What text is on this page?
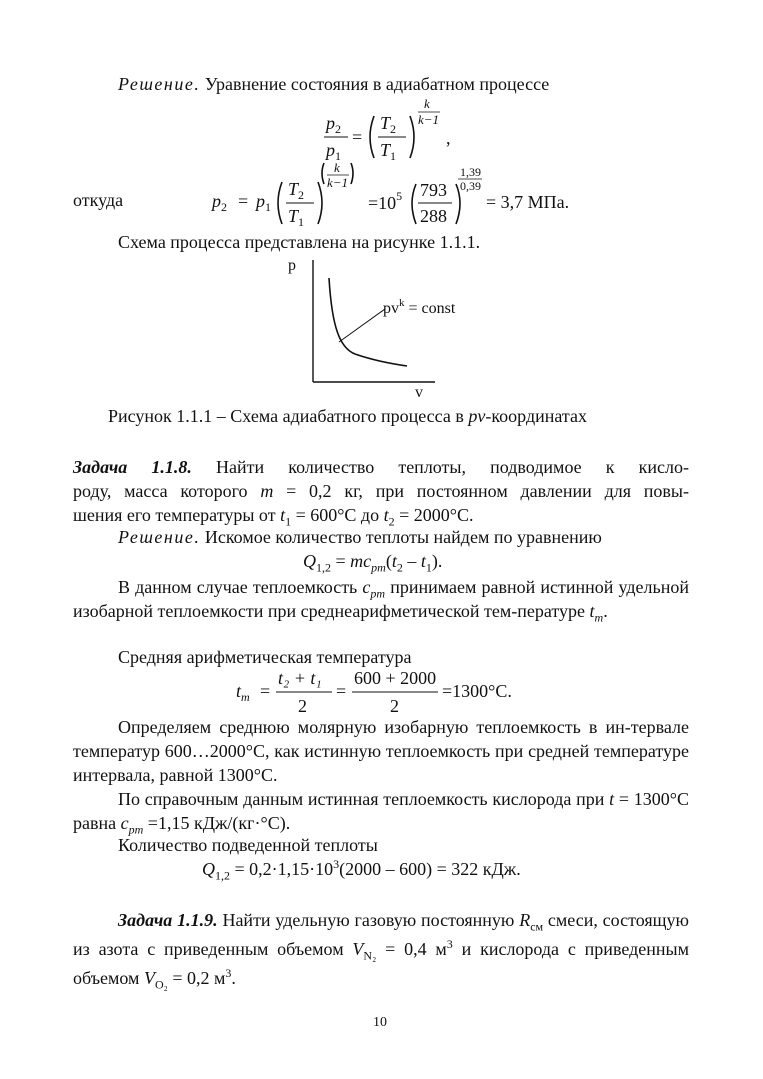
Решение. Уравнение состояния в адиабатном процессе
$p_2$
$p_1$
=
$T_2$
$T_1$
k
k−1
,
откуда	$p_2 = p_1$
$T_2$
$T_1$
k
k−1
$=10^5$ 793
288
1,39
0,39
= 3,7 МПа.
Схема процесса представлена на рисунке 1.1.1.
p
$pv^k$ = const
v
Рисунок 1.1.1 – Схема адиабатного процесса в pv-координатах
Задача 1.1.8. Найти количество теплоты, подводимое к кисло-
роду, масса которого m = 0,2 кг, при постоянном давлении для повы-
шения его температуры от $t_1 = 600^\circ С$ до $t_2 = 2000^\circ С$.
Решение. Искомое количество теплоты найдем по уравнению
$Q_{1,2} = mc_{pm}(t_2 - t_1)$.
В данном случае теплоемкость $c_{pm}$ принимаем равной истинной удельной изобарной теплоемкости при среднеарифметической тем-пературе $t_m$.
Средняя арифметическая температура
$t_m$ =
t₂ + t₁
2
=
600 + 2000
2
=1300°С.
Определяем среднюю молярную изобарную теплоемкость в ин-тервале температур 600…2000°С, как истинную теплоемкость при средней температуре интервала, равной 1300°С.
По справочным данным истинная теплоемкость кислорода при t = 1300°С равна $c_{pm} =1,15$ кДж/(кг·°С).
Количество подведенной теплоты
$Q_{1,2} = 0,2\cdot 1,15\cdot 10^3(2000 - 600) = 322$ кДж.
Задача 1.1.9. Найти удельную газовую постоянную $R_{см}$ смеси, состоящую из азота с приведенным объемом $V_{N_2} = 0,4$ $м^3$ и кислорода с приведенным объемом $V_{O_2} = 0,2$ $м^3$.
10
